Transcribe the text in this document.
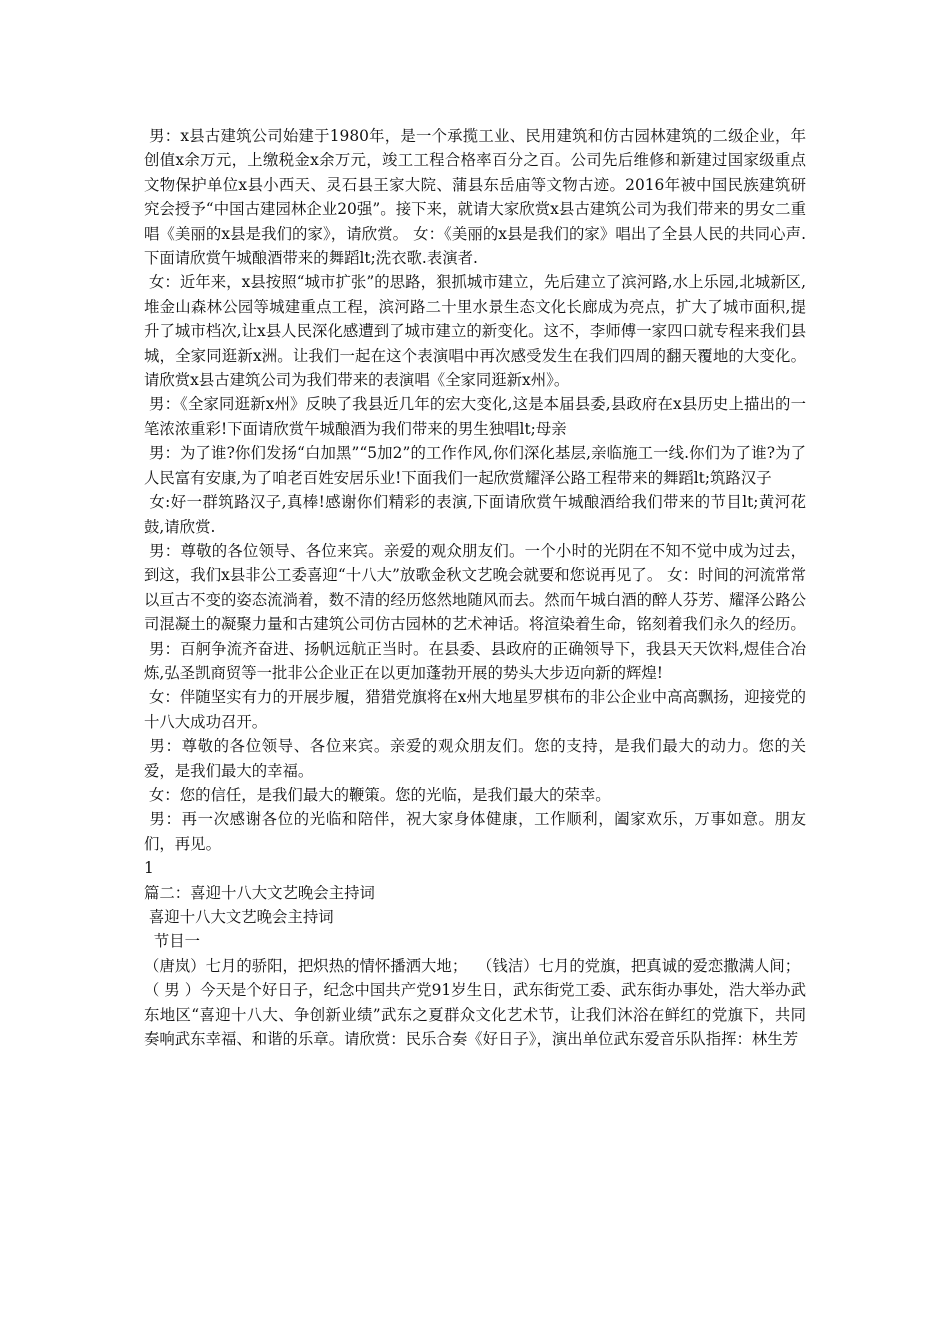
男：x县古建筑公司始建于1980年，是一个承揽工业、民用建筑和仿古园林建筑的二级企业，年创值x余万元，上缴税金x余万元，竣工工程合格率百分之百。公司先后维修和新建过国家级重点文物保护单位x县小西天、灵石县王家大院、蒲县东岳庙等文物古迹。2016年被中国民族建筑研究会授予“中国古建园林企业20强”。接下来，就请大家欣赏x县古建筑公司为我们带来的男女二重唱《美丽的x县是我们的家》，请欣赏。 女：《美丽的x县是我们的家》唱出了全县人民的共同心声.下面请欣赏午城酿酒带来的舞蹈lt;洗衣歌.表演者.

女：近年来，x县按照“城市扩张”的思路，狠抓城市建立，先后建立了滨河路,水上乐园,北城新区,堆金山森林公园等城建重点工程，滨河路二十里水景生态文化长廊成为亮点，扩大了城市面积,提升了城市档次,让x县人民深化感遭到了城市建立的新变化。这不，李师傅一家四口就专程来我们县城，全家同逛新x洲。让我们一起在这个表演唱中再次感受发生在我们四周的翻天覆地的大变化。请欣赏x县古建筑公司为我们带来的表演唱《全家同逛新x州》。

男：《全家同逛新x州》反映了我县近几年的宏大变化,这是本届县委,县政府在x县历史上描出的一笔浓浓重彩!下面请欣赏午城酿酒为我们带来的男生独唱lt;母亲

男：为了谁?你们发扬“白加黑”“5加2”的工作作风,你们深化基层,亲临施工一线.你们为了谁?为了人民富有安康,为了咱老百姓安居乐业!下面我们一起欣赏耀泽公路工程带来的舞蹈lt;筑路汉子

女:好一群筑路汉子,真棒!感谢你们精彩的表演,下面请欣赏午城酿酒给我们带来的节目lt;黄河花鼓,请欣赏.

男：尊敬的各位领导、各位来宾。亲爱的观众朋友们。一个小时的光阴在不知不觉中成为过去，到这，我们x县非公工委喜迎“十八大”放歌金秋文艺晚会就要和您说再见了。 女：时间的河流常常以亘古不变的姿态流淌着，数不清的经历悠然地随风而去。然而午城白酒的醉人芬芳、耀泽公路公司混凝土的凝聚力量和古建筑公司仿古园林的艺术神话。将渲染着生命，铭刻着我们永久的经历。

男：百舸争流齐奋进、扬帆远航正当时。在县委、县政府的正确领导下，我县天天饮料,煜佳合冶炼,弘圣凯商贸等一批非公企业正在以更加蓬勃开展的势头大步迈向新的辉煌!

女：伴随坚实有力的开展步履，猎猎党旗将在x州大地星罗棋布的非公企业中高高飘扬，迎接党的十八大成功召开。

男：尊敬的各位领导、各位来宾。亲爱的观众朋友们。您的支持，是我们最大的动力。您的关爱，是我们最大的幸福。

女：您的信任，是我们最大的鞭策。您的光临，是我们最大的荣幸。

男：再一次感谢各位的光临和陪伴，祝大家身体健康，工作顺利，阖家欢乐，万事如意。朋友们，再见。

1

篇二：喜迎十八大文艺晚会主持词

喜迎十八大文艺晚会主持词

节目一

（唐岚）七月的骄阳，把炽热的情怀播洒大地；  （钱洁）七月的党旗，把真诚的爱恋撒满人间；

（ 男 ）今天是个好日子，纪念中国共产党91岁生日，武东街党工委、武东街办事处，浩大举办武东地区“喜迎十八大、争创新业绩”武东之夏群众文化艺术节，让我们沐浴在鲜红的党旗下，共同奏响武东幸福、和谐的乐章。请欣赏：民乐合奏《好日子》，演出单位武东爱音乐队指挥：林生芳
